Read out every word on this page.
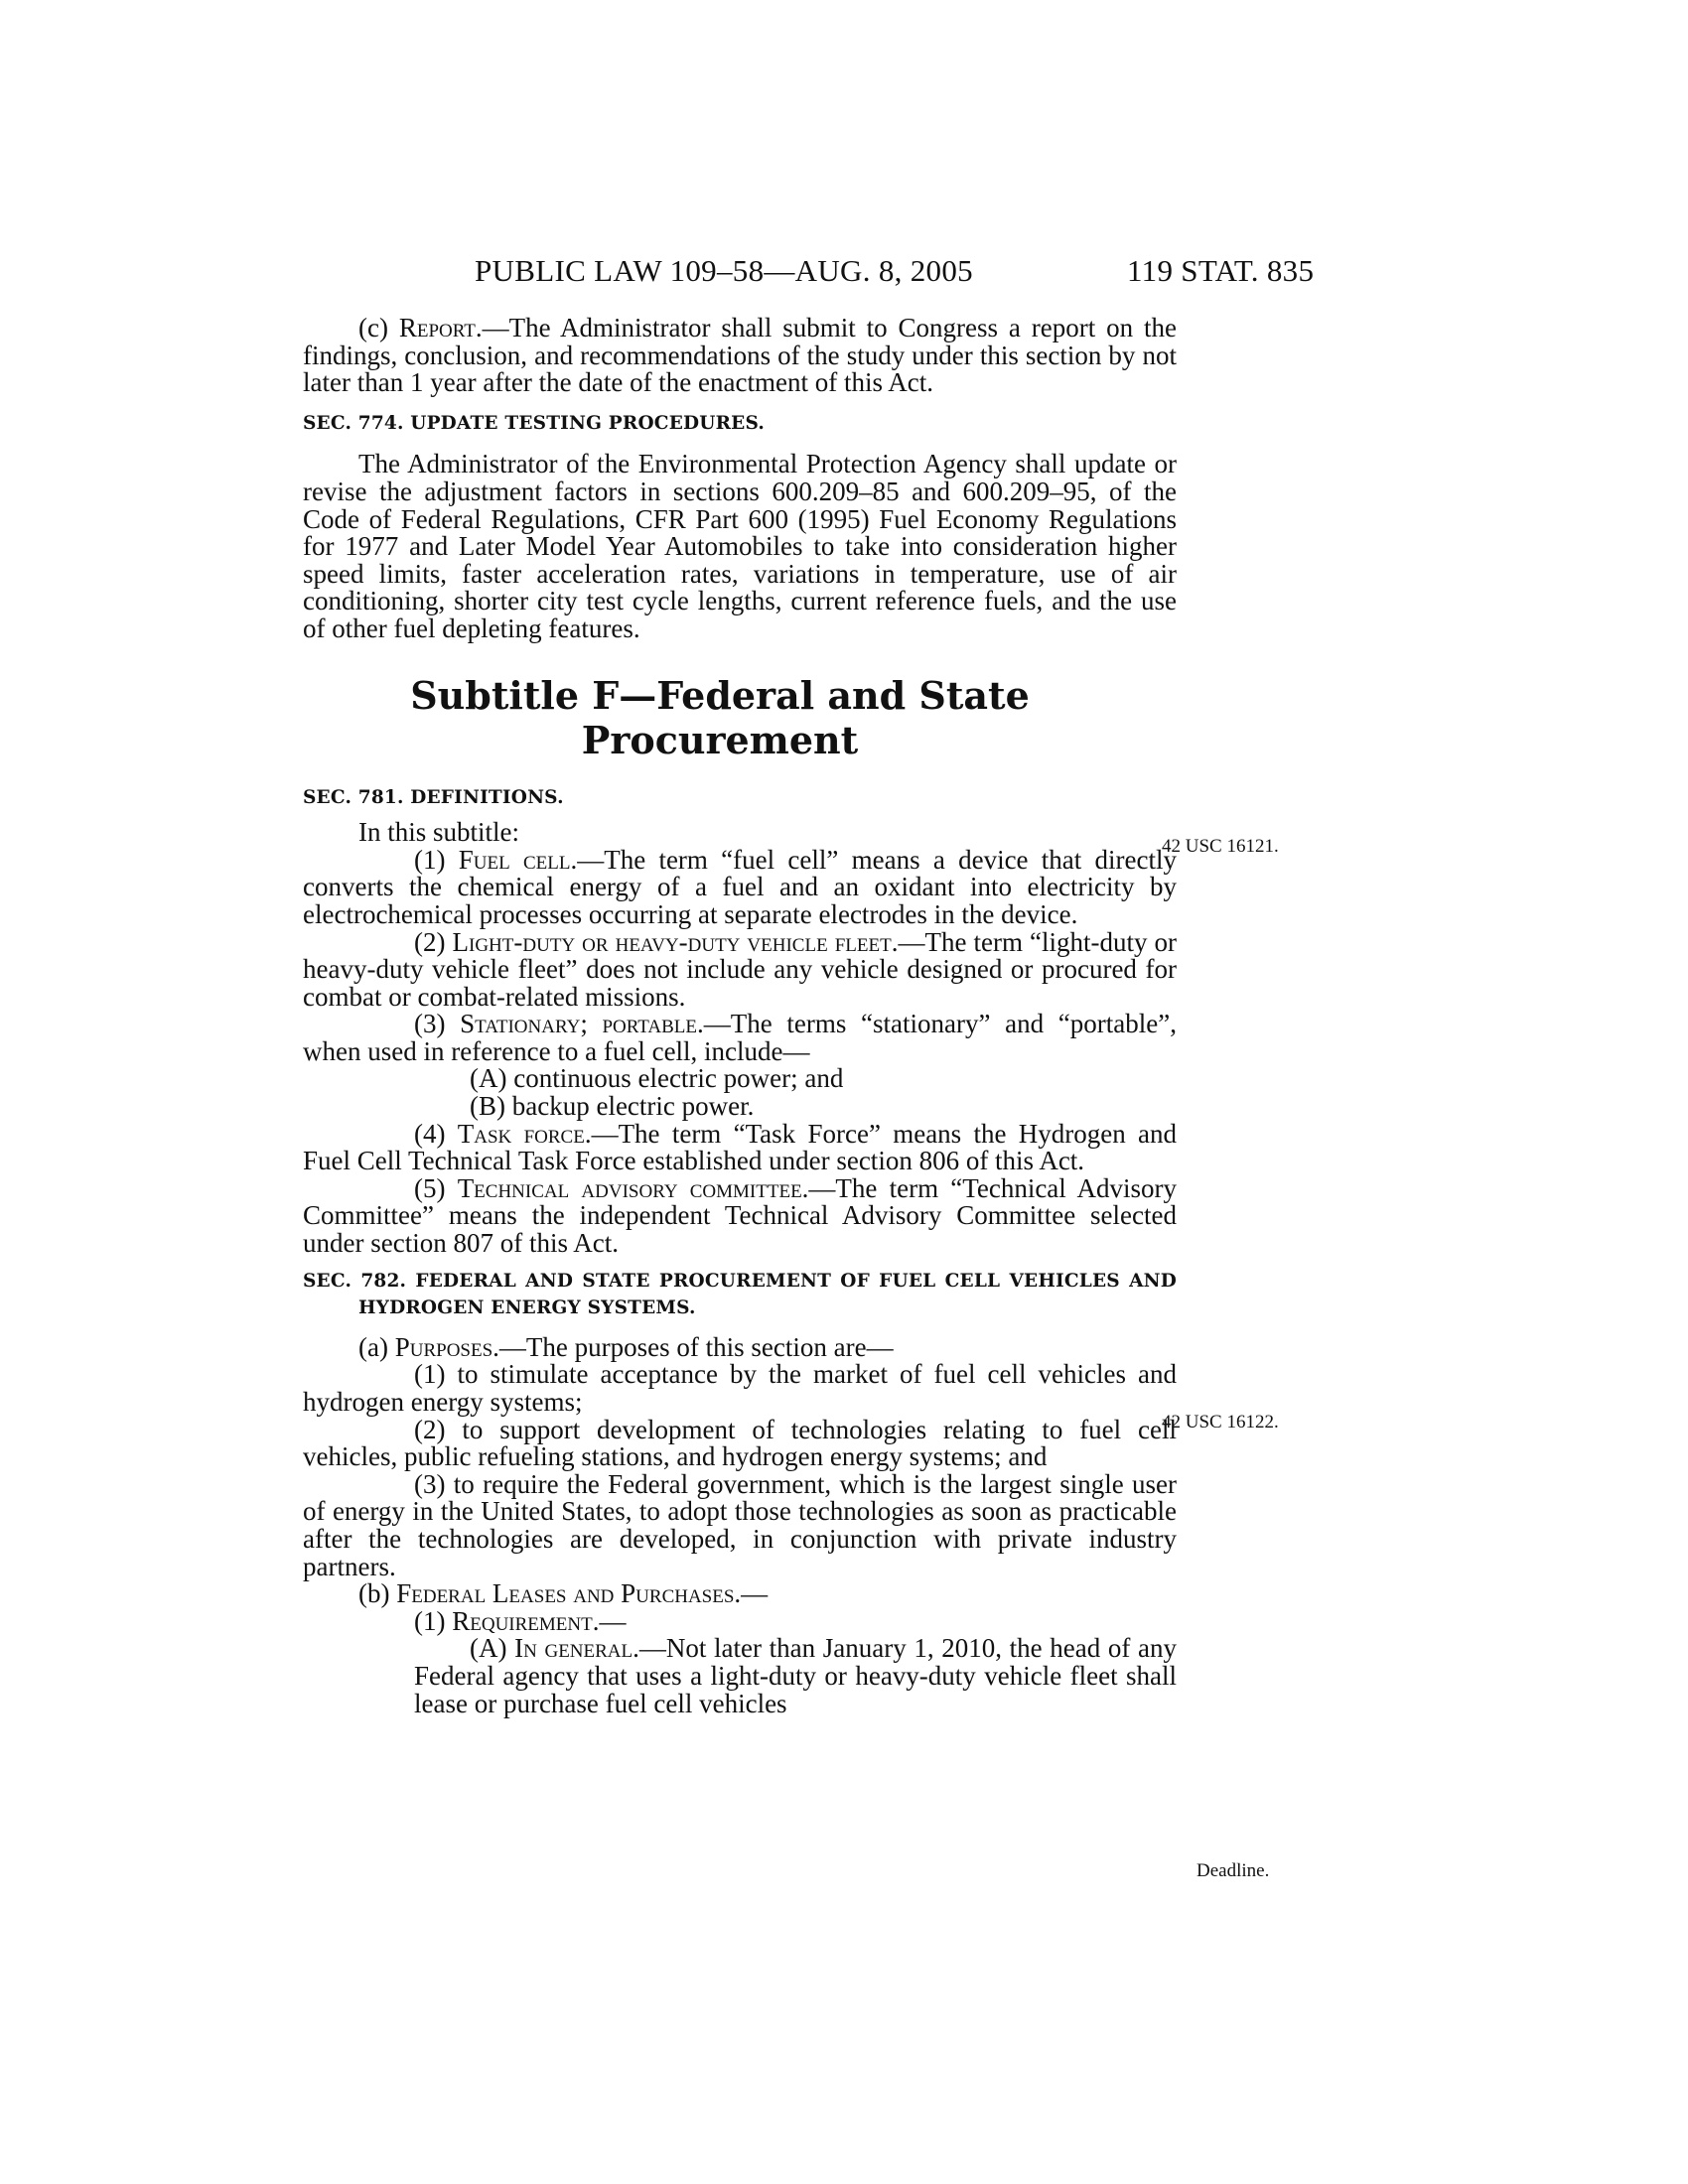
PUBLIC LAW 109–58—AUG. 8, 2005	119 STAT. 835
42 USC 16121.
42 USC 16122.
Deadline.

(c) Report.—The Administrator shall submit to Congress a report on the findings, conclusion, and recommendations of the study under this section by not later than 1 year after the date of the enactment of this Act.

SEC. 774. UPDATE TESTING PROCEDURES.

The Administrator of the Environmental Protection Agency shall update or revise the adjustment factors in sections 600.209–85 and 600.209–95, of the Code of Federal Regulations, CFR Part 600 (1995) Fuel Economy Regulations for 1977 and Later Model Year Automobiles to take into consideration higher speed limits, faster acceleration rates, variations in temperature, use of air conditioning, shorter city test cycle lengths, current reference fuels, and the use of other fuel depleting features.

Subtitle F—Federal and State
Procurement

SEC. 781. DEFINITIONS.

In this subtitle:

(1) Fuel cell.—The term “fuel cell” means a device that directly converts the chemical energy of a fuel and an oxidant into electricity by electrochemical processes occurring at separate electrodes in the device.

(2) Light-duty or heavy-duty vehicle fleet.—The term “light-duty or heavy-duty vehicle fleet” does not include any vehicle designed or procured for combat or combat-related missions.

(3) Stationary; portable.—The terms “stationary” and “portable”, when used in reference to a fuel cell, include—

(A) continuous electric power; and

(B) backup electric power.

(4) Task force.—The term “Task Force” means the Hydrogen and Fuel Cell Technical Task Force established under section 806 of this Act.

(5) Technical advisory committee.—The term “Technical Advisory Committee” means the independent Technical Advisory Committee selected under section 807 of this Act.

SEC. 782. FEDERAL AND STATE PROCUREMENT OF FUEL CELL VEHICLES AND HYDROGEN ENERGY SYSTEMS.

(a) Purposes.—The purposes of this section are—

(1) to stimulate acceptance by the market of fuel cell vehicles and hydrogen energy systems;

(2) to support development of technologies relating to fuel cell vehicles, public refueling stations, and hydrogen energy systems; and

(3) to require the Federal government, which is the largest single user of energy in the United States, to adopt those technologies as soon as practicable after the technologies are developed, in conjunction with private industry partners.

(b) Federal Leases and Purchases.—

(1) Requirement.—

(A) In general.—Not later than January 1, 2010, the head of any Federal agency that uses a light-duty or heavy-duty vehicle fleet shall lease or purchase fuel cell vehicles
